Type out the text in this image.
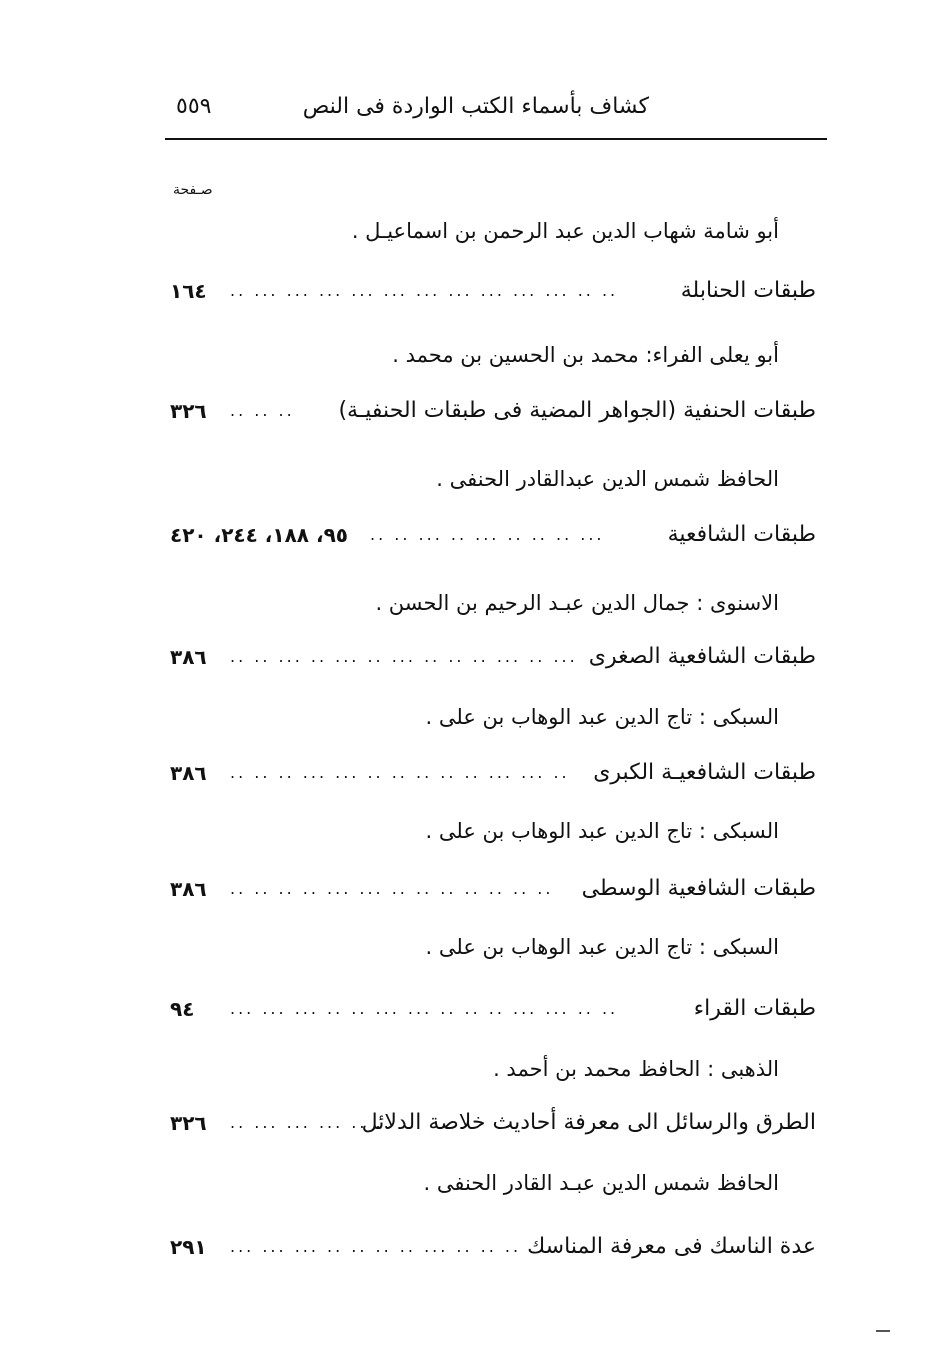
كشاف بأسماء الكتب الواردة فى النص
٥٥٩
صـفحة
أبو شامة شهاب الدين عبد الرحمن بن اسماعيـل .
طبقات الحنابلة
.. .. ... ... ... ... ... ... ... ... ... ... ..
١٦٤
أبو يعلى الفراء: محمد بن الحسين بن محمد .
طبقات الحنفية (الجواهر المضية فى طبقات الحنفيـة)
.. .. ..
٣٢٦
الحافظ شمس الدين عبدالقادر الحنفى .
طبقات الشافعية
... .. .. .. ... .. ... .. ..
٩٥، ١٨٨، ٢٤٤، ٤٢٠
الاسنوى : جمال الدين عبـد الرحيم بن الحسن .
طبقات الشافعية الصغرى
... .. ... .. .. .. ... .. ... .. ... .. ..
٣٨٦
السبكى : تاج الدين عبد الوهاب بن على .
طبقات الشافعيـة الكبرى
.. ... ... .. .. .. .. .. ... ... .. .. ..
٣٨٦
السبكى : تاج الدين عبد الوهاب بن على .
طبقات الشافعية الوسطى
.. .. .. .. .. .. .. ... ... .. .. .. ..
٣٨٦
السبكى : تاج الدين عبد الوهاب بن على .
طبقات القراء
.. .. ... ... .. .. .. ... ... .. .. ... ... ...
٩٤
الذهبى : الحافظ محمد بن أحمد .
الطرق والرسائل الى معرفة أحاديث خلاصة الدلائل
.. .. ... ... ... ..
٣٢٦
الحافظ شمس الدين عبـد القادر الحنفى .
عدة الناسك فى معرفة المناسك
.. .. .. ... .. .. .. .. ... ... ...
٢٩١
